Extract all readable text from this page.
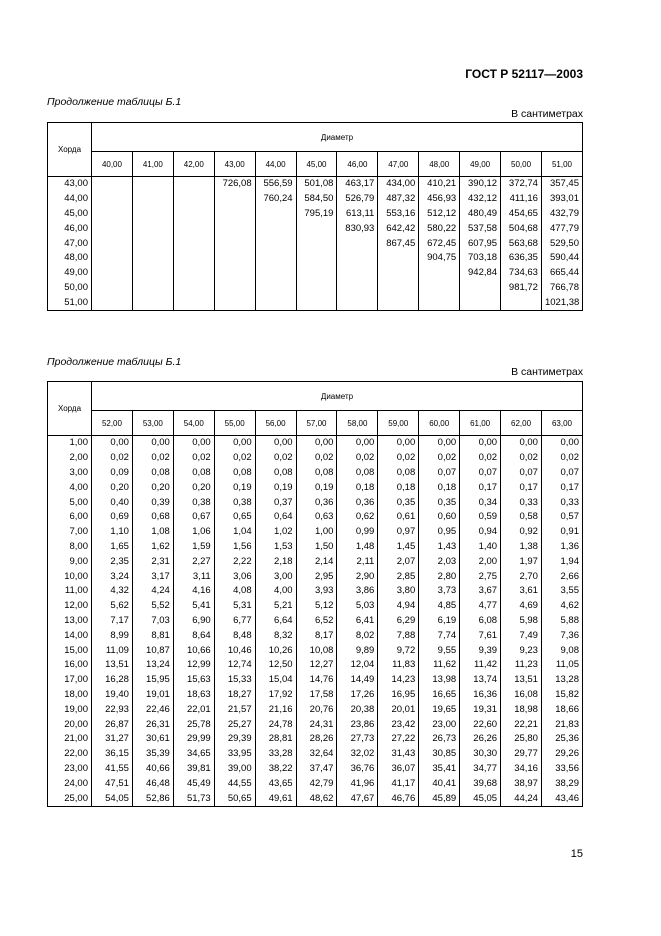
ГОСТ Р 52117—2003
Продолжение таблицы Б.1
В сантиметрах
Хорда	Диаметр											
	40,00	41,00	42,00	43,00	44,00	45,00	46,00	47,00	48,00	49,00	50,00	51,00
43,00				726,08	556,59	501,08	463,17	434,00	410,21	390,12	372,74	357,45
44,00					760,24	584,50	526,79	487,32	456,93	432,12	411,16	393,01
45,00						795,19	613,11	553,16	512,12	480,49	454,65	432,79
46,00							830,93	642,42	580,22	537,58	504,68	477,79
47,00								867,45	672,45	607,95	563,68	529,50
48,00									904,75	703,18	636,35	590,44
49,00										942,84	734,63	665,44
50,00											981,72	766,78
51,00												1021,38
Продолжение таблицы Б.1
В сантиметрах
Хорда	Диаметр											
	52,00	53,00	54,00	55,00	56,00	57,00	58,00	59,00	60,00	61,00	62,00	63,00
1,00	0,00	0,00	0,00	0,00	0,00	0,00	0,00	0,00	0,00	0,00	0,00	0,00
2,00	0,02	0,02	0,02	0,02	0,02	0,02	0,02	0,02	0,02	0,02	0,02	0,02
3,00	0,09	0,08	0,08	0,08	0,08	0,08	0,08	0,08	0,07	0,07	0,07	0,07
4,00	0,20	0,20	0,20	0,19	0,19	0,19	0,18	0,18	0,18	0,17	0,17	0,17
5,00	0,40	0,39	0,38	0,38	0,37	0,36	0,36	0,35	0,35	0,34	0,33	0,33
6,00	0,69	0,68	0,67	0,65	0,64	0,63	0,62	0,61	0,60	0,59	0,58	0,57
7,00	1,10	1,08	1,06	1,04	1,02	1,00	0,99	0,97	0,95	0,94	0,92	0,91
8,00	1,65	1,62	1,59	1,56	1,53	1,50	1,48	1,45	1,43	1,40	1,38	1,36
9,00	2,35	2,31	2,27	2,22	2,18	2,14	2,11	2,07	2,03	2,00	1,97	1,94
10,00	3,24	3,17	3,11	3,06	3,00	2,95	2,90	2,85	2,80	2,75	2,70	2,66
11,00	4,32	4,24	4,16	4,08	4,00	3,93	3,86	3,80	3,73	3,67	3,61	3,55
12,00	5,62	5,52	5,41	5,31	5,21	5,12	5,03	4,94	4,85	4,77	4,69	4,62
13,00	7,17	7,03	6,90	6,77	6,64	6,52	6,41	6,29	6,19	6,08	5,98	5,88
14,00	8,99	8,81	8,64	8,48	8,32	8,17	8,02	7,88	7,74	7,61	7,49	7,36
15,00	11,09	10,87	10,66	10,46	10,26	10,08	9,89	9,72	9,55	9,39	9,23	9,08
16,00	13,51	13,24	12,99	12,74	12,50	12,27	12,04	11,83	11,62	11,42	11,23	11,05
17,00	16,28	15,95	15,63	15,33	15,04	14,76	14,49	14,23	13,98	13,74	13,51	13,28
18,00	19,40	19,01	18,63	18,27	17,92	17,58	17,26	16,95	16,65	16,36	16,08	15,82
19,00	22,93	22,46	22,01	21,57	21,16	20,76	20,38	20,01	19,65	19,31	18,98	18,66
20,00	26,87	26,31	25,78	25,27	24,78	24,31	23,86	23,42	23,00	22,60	22,21	21,83
21,00	31,27	30,61	29,99	29,39	28,81	28,26	27,73	27,22	26,73	26,26	25,80	25,36
22,00	36,15	35,39	34,65	33,95	33,28	32,64	32,02	31,43	30,85	30,30	29,77	29,26
23,00	41,55	40,66	39,81	39,00	38,22	37,47	36,76	36,07	35,41	34,77	34,16	33,56
24,00	47,51	46,48	45,49	44,55	43,65	42,79	41,96	41,17	40,41	39,68	38,97	38,29
25,00	54,05	52,86	51,73	50,65	49,61	48,62	47,67	46,76	45,89	45,05	44,24	43,46
15
